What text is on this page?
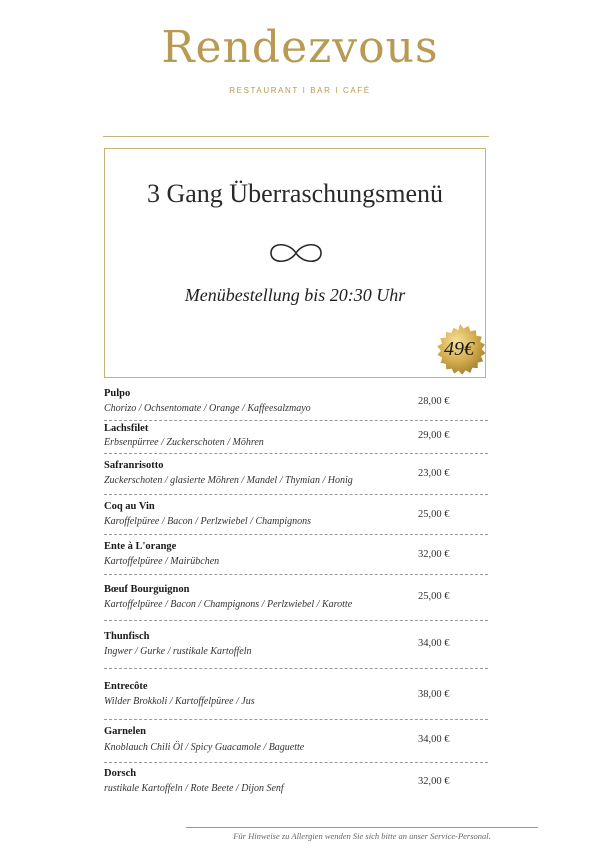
Rendezvous
RESTAURANT I BAR I CAFÉ
3 Gang Überraschungsmenü
Menübestellung bis 20:30 Uhr
49€
Pulpo
Chorizo / Ochsentomate / Orange / Kaffeesalzmayo
28,00 €
Lachsfilet
Erbsenpürree / Zuckerschoten / Möhren
29,00 €
Safranrisotto
Zuckerschoten / glasierte Möhren / Mandel / Thymian / Honig
23,00 €
Coq au Vin
Karoffelpüree / Bacon / Perlzwiebel / Champignons
25,00 €
Ente à L'orange
Kartoffelpüree / Mairübchen
32,00 €
Bœuf Bourguignon
Kartoffelpüree / Bacon / Champignons / Perlzwiebel / Karotte
25,00 €
Thunfisch
Ingwer / Gurke / rustikale Kartoffeln
34,00 €
Entrecôte
Wilder Brokkoli / Kartoffelpüree / Jus
38,00 €
Garnelen
Knoblauch Chili Öl / Spicy Guacamole / Baguette
34,00 €
Dorsch
rustikale Kartoffeln / Rote Beete / Dijon Senf
32,00 €
Für Hinweise zu Allergien wenden Sie sich bitte an unser Service-Personal.
